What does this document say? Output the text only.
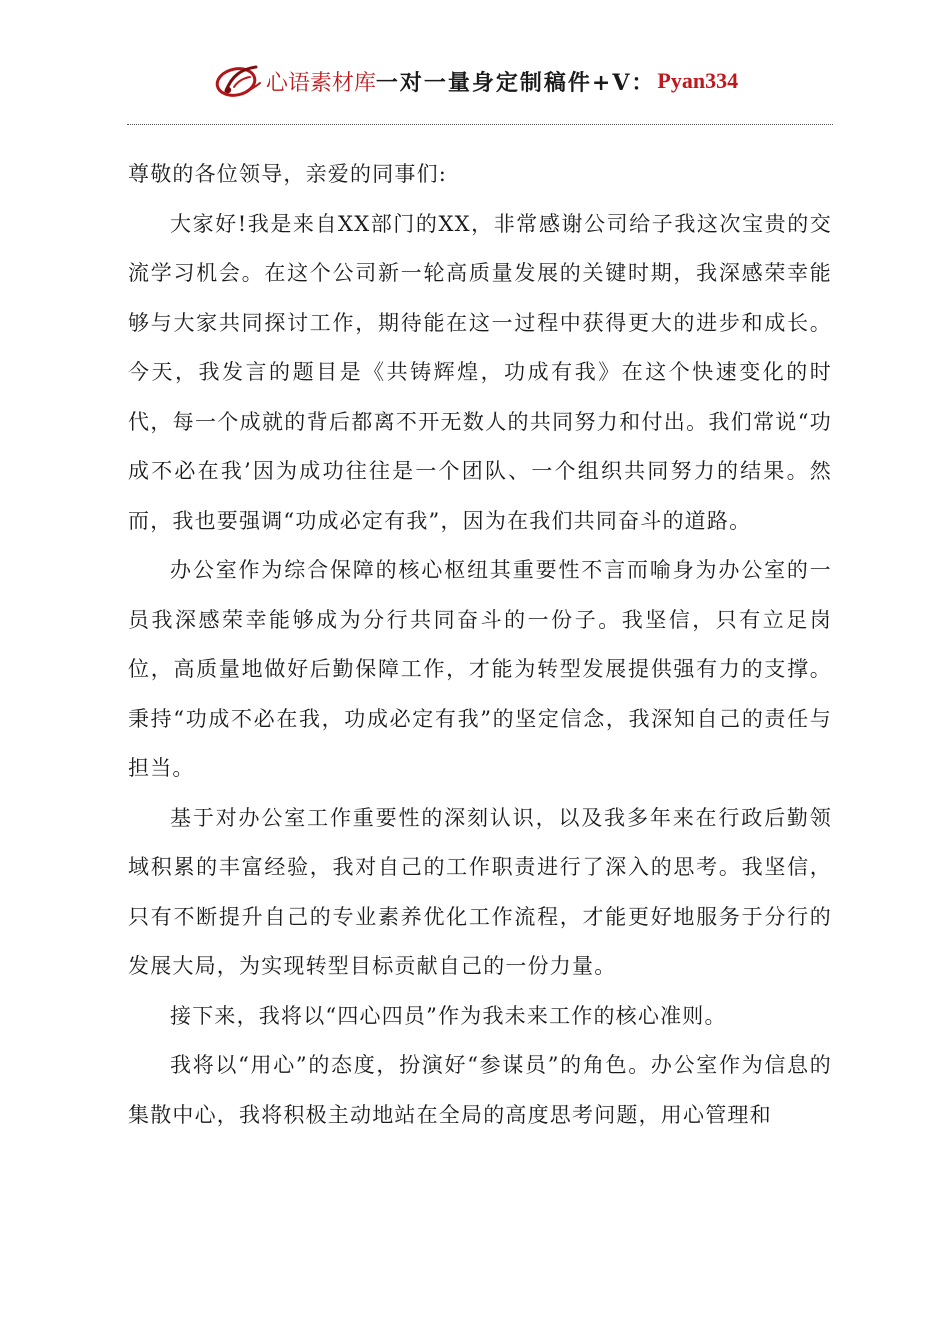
心语素材库 一对一量身定制稿件+V： Pyan334

尊敬的各位领导，亲爱的同事们:

大家好!我是来自XX部门的XX，非常感谢公司给子我这次宝贵的交流学习机会。在这个公司新一轮高质量发展的关键时期，我深感荣幸能够与大家共同探讨工作，期待能在这一过程中获得更大的进步和成长。今天，我发言的题目是《共铸辉煌，功成有我》在这个快速变化的时代，每一个成就的背后都离不开无数人的共同努力和付出。我们常说“功成不必在我’因为成功往往是一个团队、一个组织共同努力的结果。然而，我也要强调“功成必定有我”，因为在我们共同奋斗的道路。

办公室作为综合保障的核心枢纽其重要性不言而喻身为办公室的一员我深感荣幸能够成为分行共同奋斗的一份子。我坚信，只有立足岗位，高质量地做好后勤保障工作，才能为转型发展提供强有力的支撑。秉持“功成不必在我，功成必定有我”的坚定信念，我深知自己的责任与担当。

基于对办公室工作重要性的深刻认识，以及我多年来在行政后勤领域积累的丰富经验，我对自己的工作职责进行了深入的思考。我坚信，只有不断提升自己的专业素养优化工作流程，才能更好地服务于分行的发展大局，为实现转型目标贡献自己的一份力量。

接下来，我将以“四心四员”作为我未来工作的核心准则。

我将以“用心”的态度，扮演好“参谋员”的角色。办公室作为信息的集散中心，我将积极主动地站在全局的高度思考问题，用心管理和
